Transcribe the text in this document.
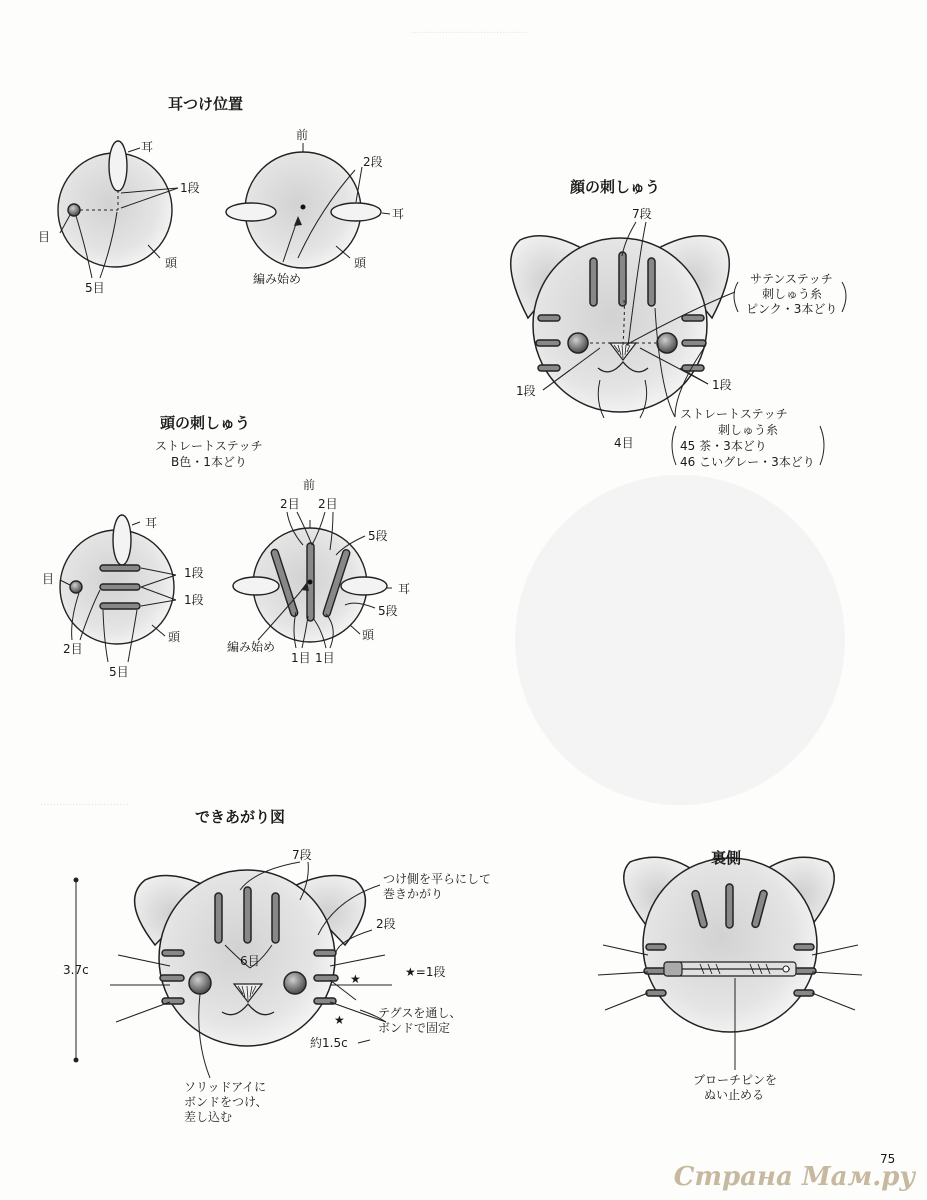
·····································
····························
耳つけ位置
耳
1段
目
頭
5目
前
2段
耳
頭
編み始め
頭の刺しゅう
ストレートステッチ
B色・1本どり
耳
目	1段
1段
2目
頭
5目
前
2目 2目
5段
耳
5段
頭
編み始め
1目 1目
顔の刺しゅう
7段
サテンステッチ
刺しゅう糸
ピンク・3本どり
1段	1段
ストレートステッチ
刺しゅう糸
45 茶・3本どり
46 こいグレー・3本どり
4目
できあがり図
7段
つけ側を平らにして
巻きかがり
2段
6目
3.7c
★	★=1段
★	テグスを通し、
ボンドで固定
約1.5c
ソリッドアイに
ボンドをつけ、
差し込む
裏側
ブローチピンを
ぬい止める
75
Страна Мам.ру
